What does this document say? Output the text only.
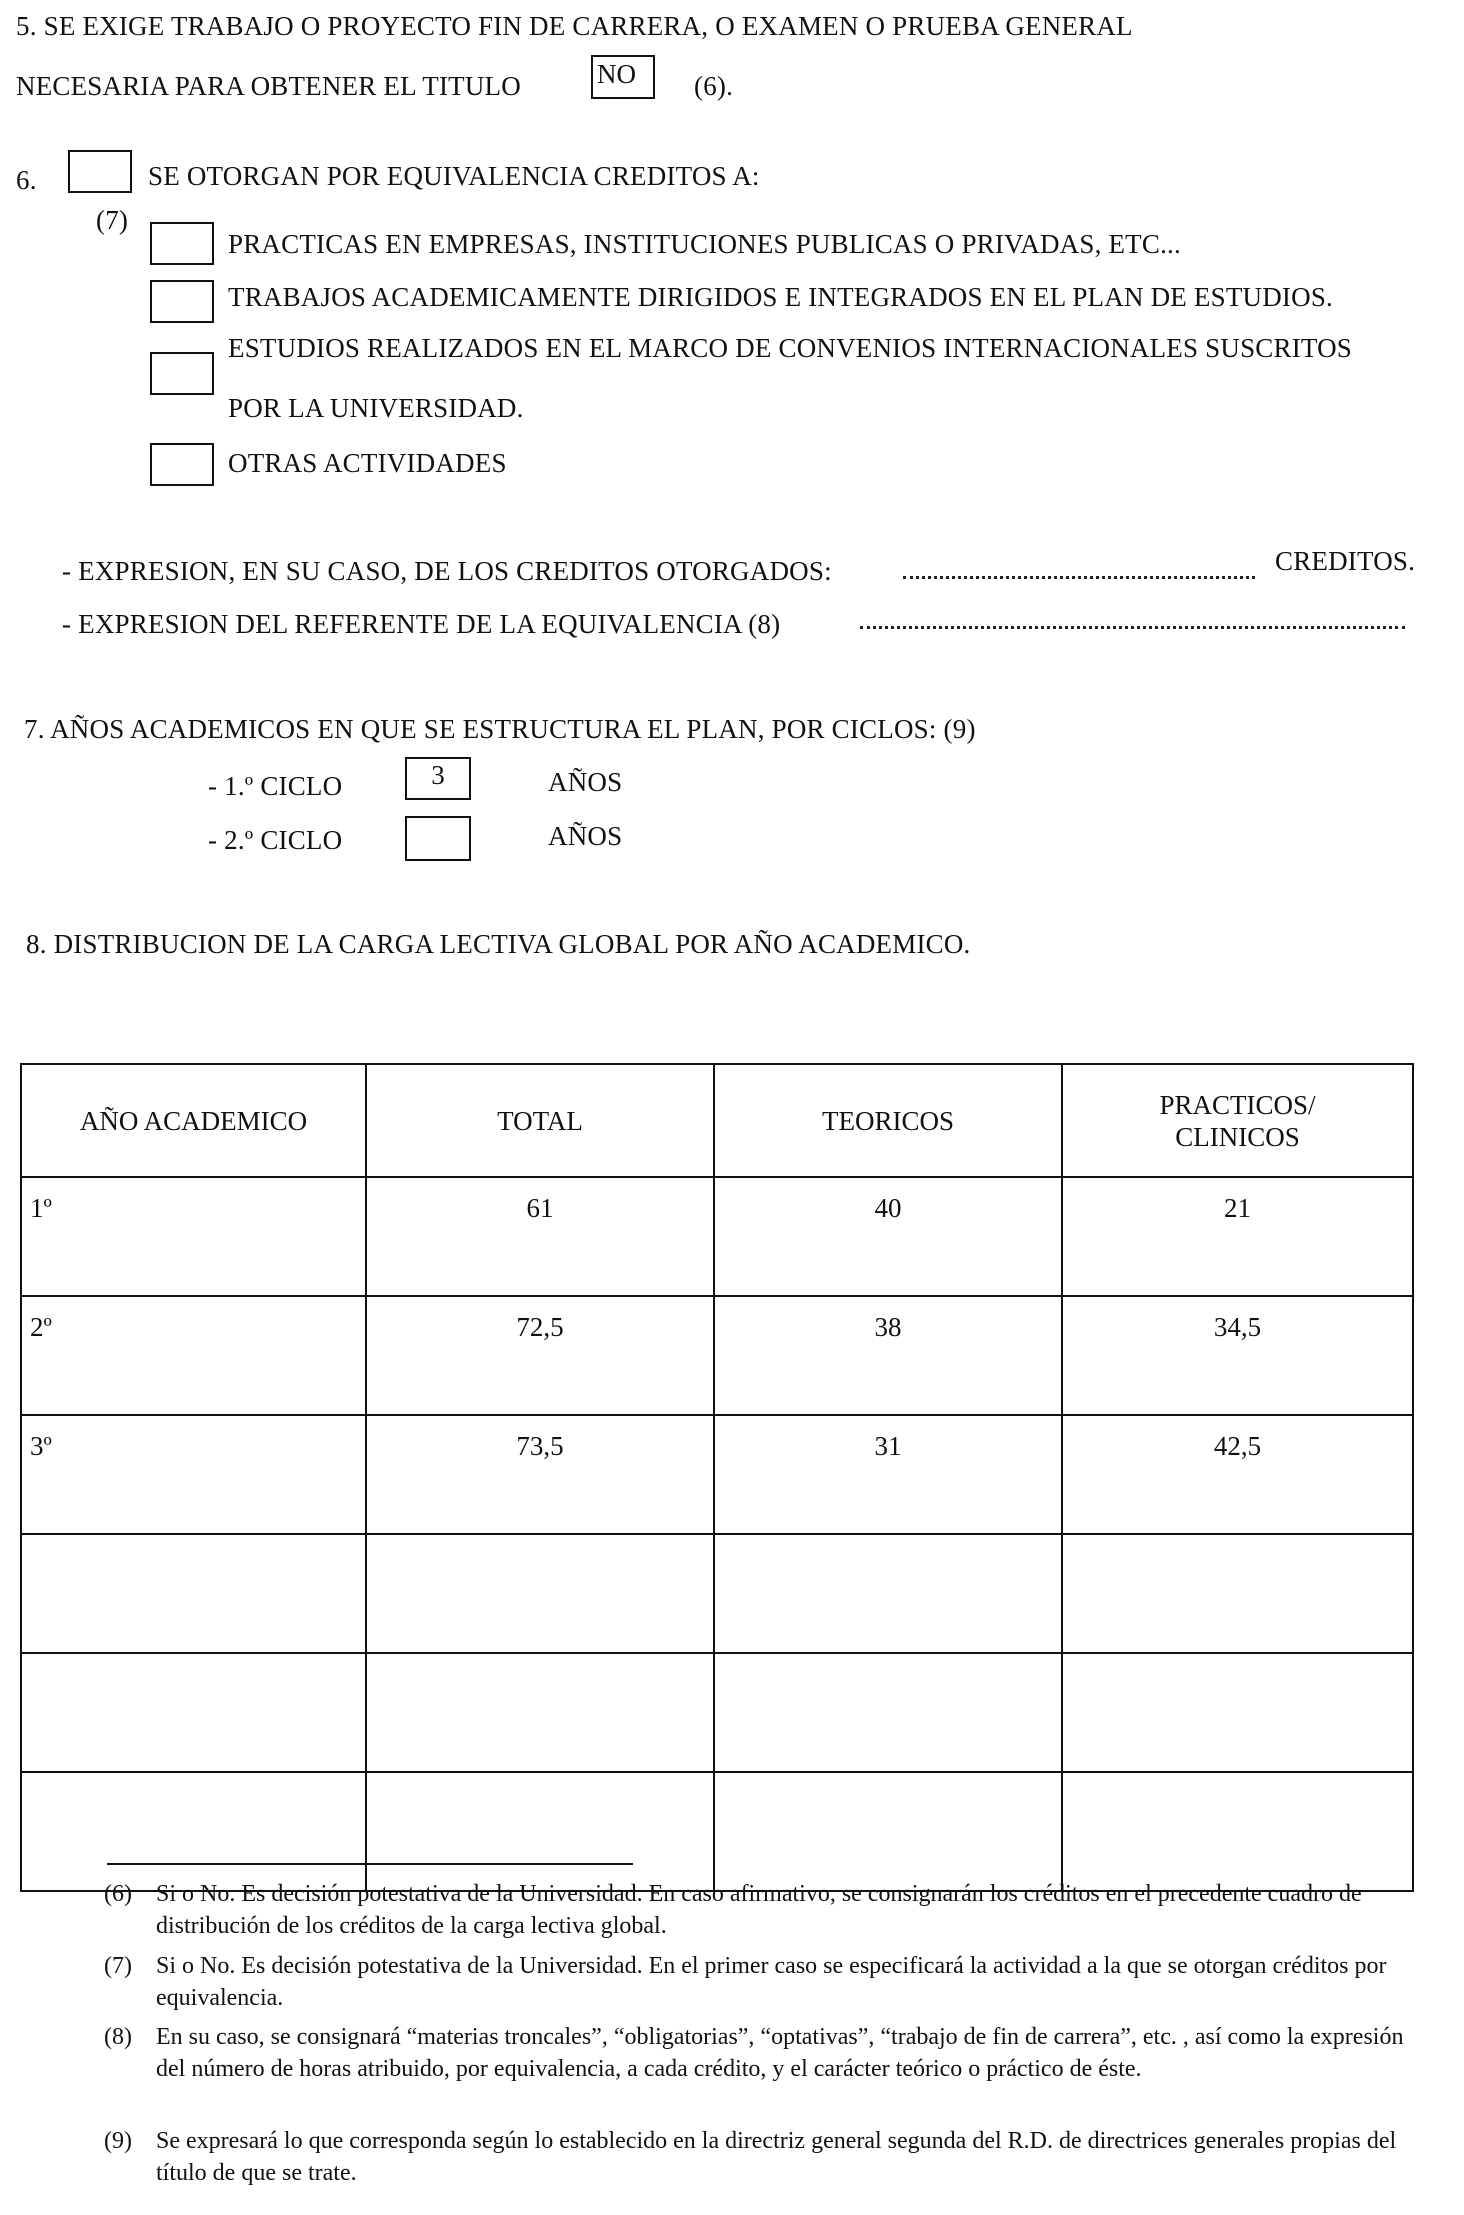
5. SE EXIGE TRABAJO O PROYECTO FIN DE CARRERA, O EXAMEN O PRUEBA GENERAL
NECESARIA PARA OBTENER EL TITULO	NO (6).
6.	SE OTORGAN POR EQUIVALENCIA CREDITOS A:
(7)
PRACTICAS EN EMPRESAS, INSTITUCIONES PUBLICAS O PRIVADAS, ETC...
TRABAJOS ACADEMICAMENTE DIRIGIDOS E INTEGRADOS EN EL PLAN DE ESTUDIOS.
ESTUDIOS REALIZADOS EN EL MARCO DE CONVENIOS INTERNACIONALES SUSCRITOS
POR LA UNIVERSIDAD.
OTRAS ACTIVIDADES
- EXPRESION, EN SU CASO, DE LOS CREDITOS OTORGADOS:	CREDITOS.
- EXPRESION DEL REFERENTE DE LA EQUIVALENCIA (8)
7. AÑOS ACADEMICOS EN QUE SE ESTRUCTURA EL PLAN, POR CICLOS: (9)
- 1.º CICLO	3	AÑOS
- 2.º CICLO	AÑOS
8. DISTRIBUCION DE LA CARGA LECTIVA GLOBAL POR AÑO ACADEMICO.
AÑO ACADEMICO	TOTAL	TEORICOS	PRACTICOS/
CLINICOS
1º	61	40	21
2º	72,5	38	34,5
3º	73,5	31	42,5

(6) Si o No. Es decisión potestativa de la Universidad. En caso afirmativo, se consignarán los créditos en el precedente cuadro de distribución de los créditos de la carga lectiva global.
(7) Si o No. Es decisión potestativa de la Universidad. En el primer caso se especificará la actividad a la que se otorgan créditos por equivalencia.
(8) En su caso, se consignará “materias troncales”, “obligatorias”, “optativas”, “trabajo de fin de carrera”, etc. , así como la expresión del número de horas atribuido, por equivalencia, a cada crédito, y el carácter teórico o práctico de éste.
(9) Se expresará lo que corresponda según lo establecido en la directriz general segunda del R.D. de directrices generales propias del título de que se trate.
